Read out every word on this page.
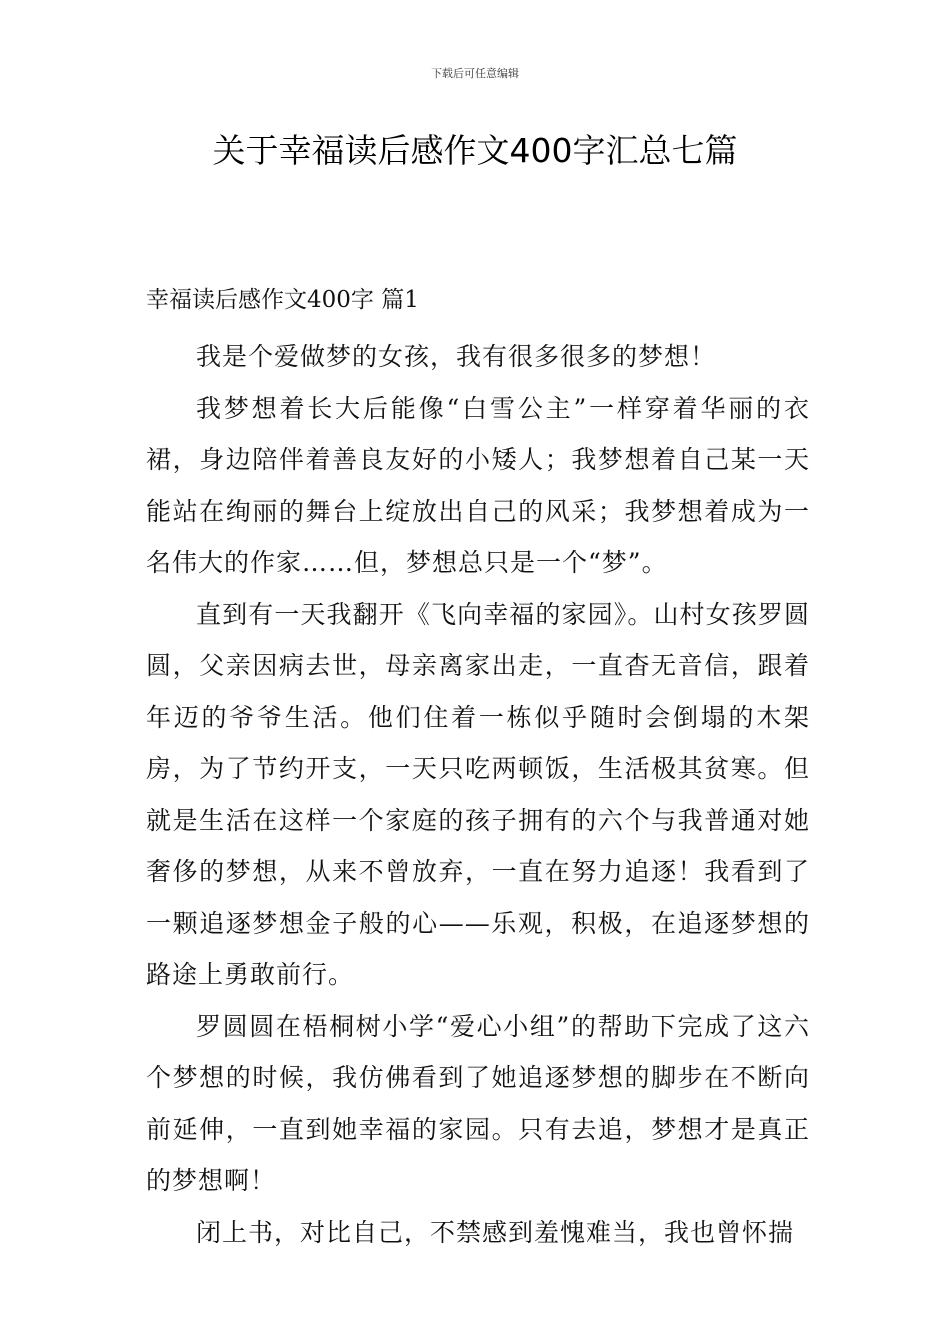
下载后可任意编辑
关于幸福读后感作文400字汇总七篇
幸福读后感作文400字 篇1

我是个爱做梦的女孩，我有很多很多的梦想！

我梦想着长大后能像“白雪公主”一样穿着华丽的衣裙，身边陪伴着善良友好的小矮人；我梦想着自己某一天能站在绚丽的舞台上绽放出自己的风采；我梦想着成为一名伟大的作家……但，梦想总只是一个“梦”。

直到有一天我翻开《飞向幸福的家园》。山村女孩罗圆圆，父亲因病去世，母亲离家出走，一直杳无音信，跟着年迈的爷爷生活。他们住着一栋似乎随时会倒塌的木架房，为了节约开支，一天只吃两顿饭，生活极其贫寒。但就是生活在这样一个家庭的孩子拥有的六个与我普通对她奢侈的梦想，从来不曾放弃，一直在努力追逐！我看到了一颗追逐梦想金子般的心——乐观，积极，在追逐梦想的路途上勇敢前行。

罗圆圆在梧桐树小学“爱心小组”的帮助下完成了这六个梦想的时候，我仿佛看到了她追逐梦想的脚步在不断向前延伸，一直到她幸福的家园。只有去追，梦想才是真正的梦想啊！

闭上书，对比自己，不禁感到羞愧难当，我也曾怀揣
